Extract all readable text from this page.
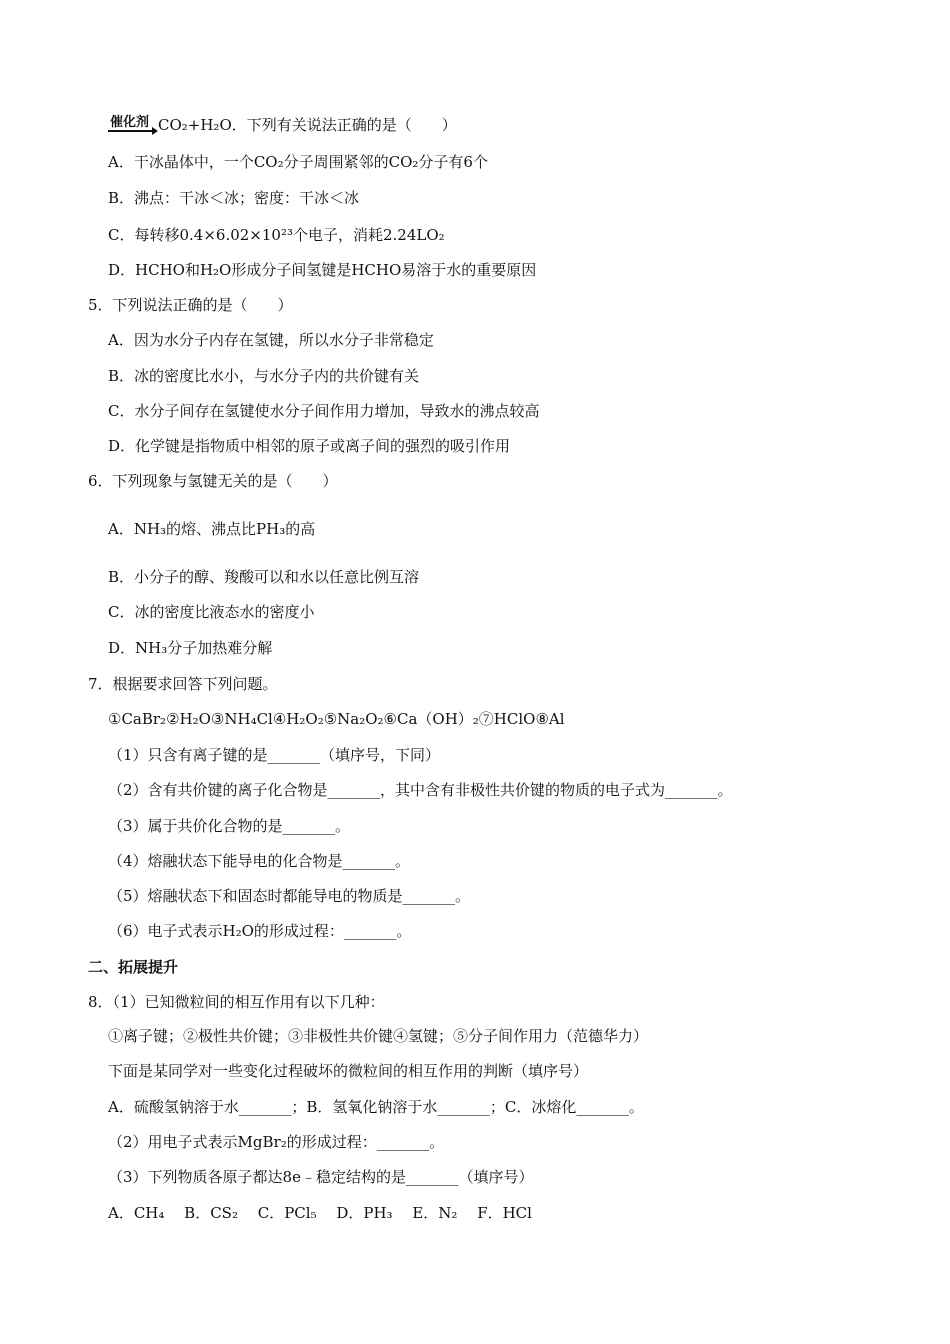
催化剂 CO₂+H₂O．下列有关说法正确的是（　　）
A．干冰晶体中，一个CO₂分子周围紧邻的CO₂分子有6个
B．沸点：干冰＜冰；密度：干冰＜冰
C．每转移0.4×6.02×10²³个电子，消耗2.24LO₂
D．HCHO和H₂O形成分子间氢键是HCHO易溶于水的重要原因
5．下列说法正确的是（　　）
A．因为水分子内存在氢键，所以水分子非常稳定
B．冰的密度比水小，与水分子内的共价键有关
C．水分子间存在氢键使水分子间作用力增加，导致水的沸点较高
D．化学键是指物质中相邻的原子或离子间的强烈的吸引作用
6．下列现象与氢键无关的是（　　）
A．NH₃的熔、沸点比PH₃的高
B．小分子的醇、羧酸可以和水以任意比例互溶
C．冰的密度比液态水的密度小
D．NH₃分子加热难分解
7．根据要求回答下列问题。
①CaBr₂②H₂O③NH₄Cl④H₂O₂⑤Na₂O₂⑥Ca（OH）₂⑦HClO⑧Al
（1）只含有离子键的是_______（填序号，下同）
（2）含有共价键的离子化合物是_______，其中含有非极性共价键的物质的电子式为_______。
（3）属于共价化合物的是_______。
（4）熔融状态下能导电的化合物是_______。
（5）熔融状态下和固态时都能导电的物质是_______。
（6）电子式表示H₂O的形成过程：_______。
二、拓展提升
8．（1）已知微粒间的相互作用有以下几种：
①离子键；②极性共价键；③非极性共价键④氢键；⑤分子间作用力（范德华力）
下面是某同学对一些变化过程破坏的微粒间的相互作用的判断（填序号）
A．硫酸氢钠溶于水_______；B．氢氧化钠溶于水_______；C．冰熔化_______。
（2）用电子式表示MgBr₂的形成过程：_______。
（3）下列物质各原子都达8e﹣稳定结构的是_______（填序号）
A．CH₄　 B．CS₂　 C．PCl₅　 D．PH₃　 E．N₂　 F．HCl
